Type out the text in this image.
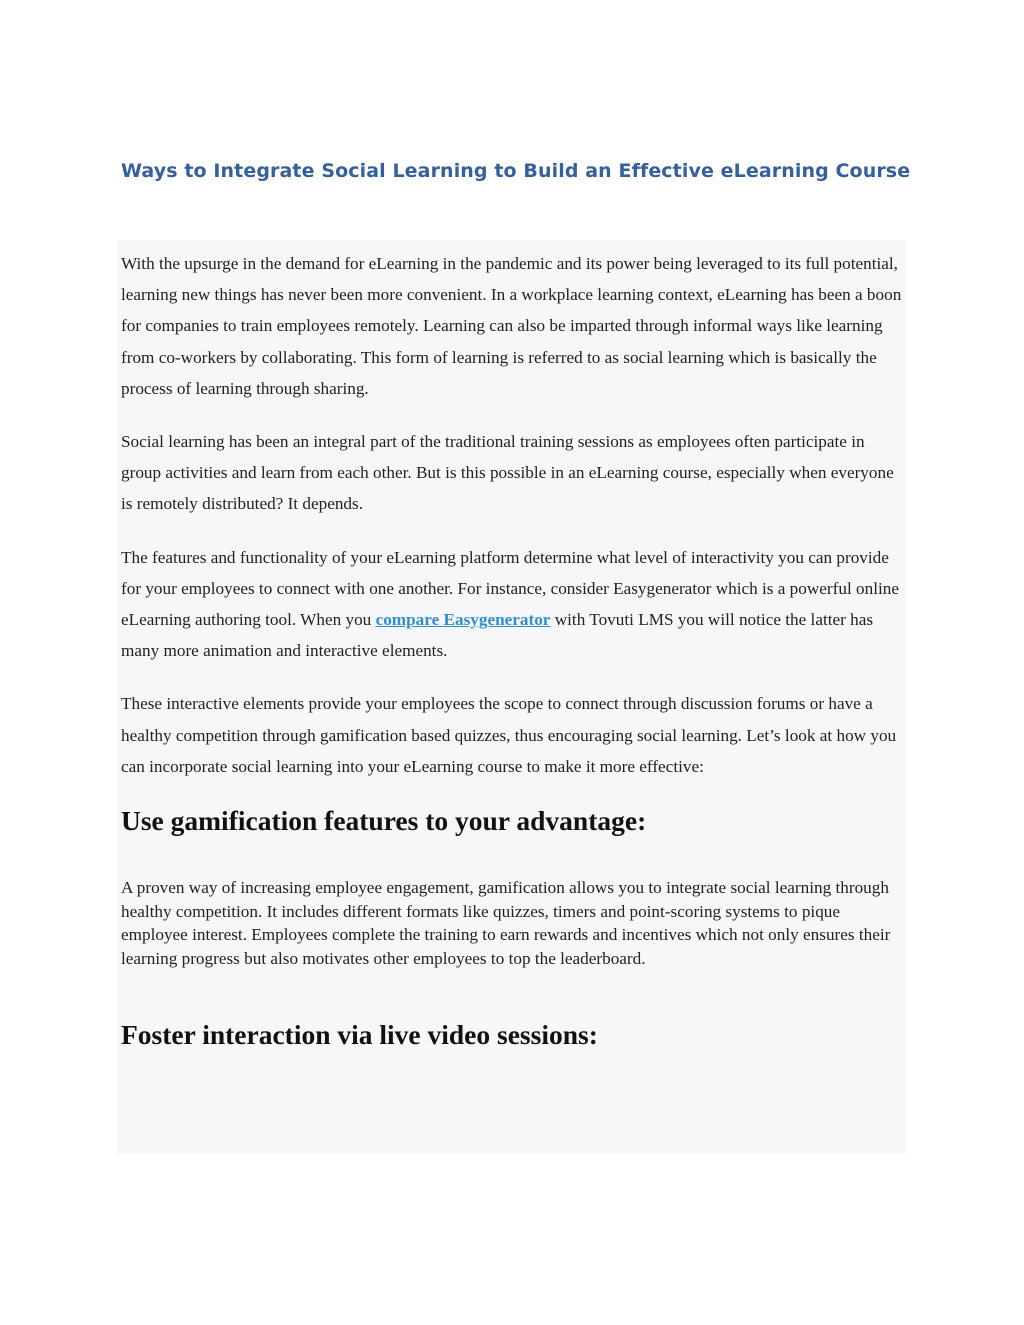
Ways to Integrate Social Learning to Build an Effective eLearning Course

With the upsurge in the demand for eLearning in the pandemic and its power being leveraged to its full potential, learning new things has never been more convenient. In a workplace learning context, eLearning has been a boon for companies to train employees remotely. Learning can also be imparted through informal ways like learning from co-workers by collaborating. This form of learning is referred to as social learning which is basically the process of learning through sharing.

Social learning has been an integral part of the traditional training sessions as employees often participate in group activities and learn from each other. But is this possible in an eLearning course, especially when everyone is remotely distributed? It depends.

The features and functionality of your eLearning platform determine what level of interactivity you can provide for your employees to connect with one another. For instance, consider Easygenerator which is a powerful online eLearning authoring tool. When you compare Easygenerator with Tovuti LMS you will notice the latter has many more animation and interactive elements.

These interactive elements provide your employees the scope to connect through discussion forums or have a healthy competition through gamification based quizzes, thus encouraging social learning. Let’s look at how you can incorporate social learning into your eLearning course to make it more effective:

Use gamification features to your advantage:

A proven way of increasing employee engagement, gamification allows you to integrate social learning through healthy competition. It includes different formats like quizzes, timers and point-scoring systems to pique employee interest. Employees complete the training to earn rewards and incentives which not only ensures their learning progress but also motivates other employees to top the leaderboard.

Foster interaction via live video sessions:
